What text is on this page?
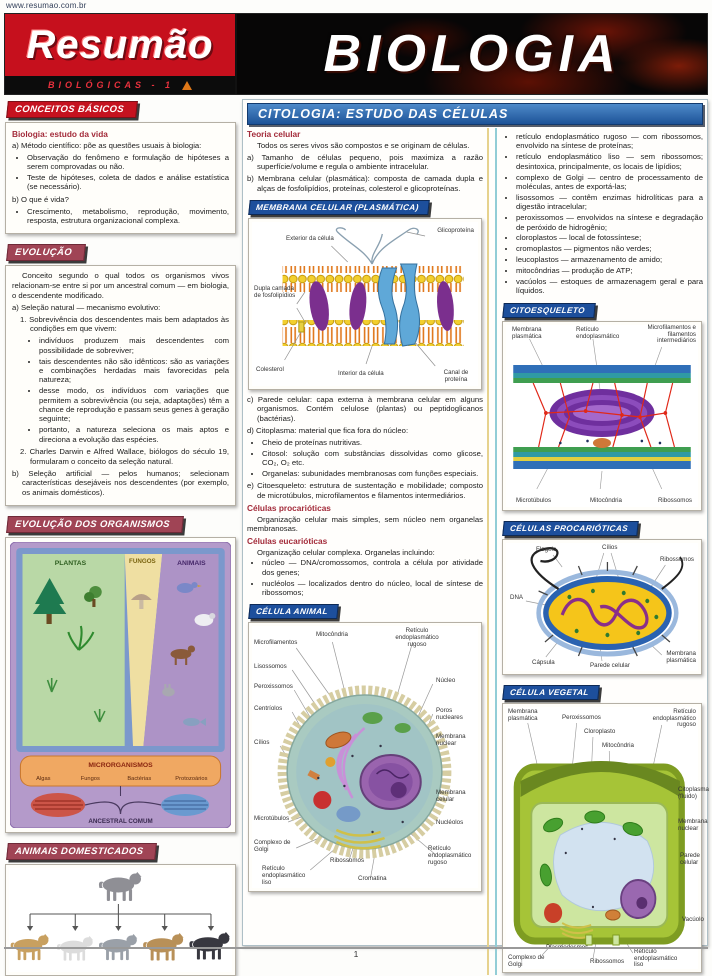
www.resumao.com.br
Resumão
BIOLÓGICAS - 1
BIOLOGIA
CONCEITOS BÁSICOS

Biologia: estudo da vida

a) Método científico: põe as questões usuais à biologia:

• Observação do fenômeno e formulação de hipóteses a serem comprovadas ou não.
• Teste de hipóteses, coleta de dados e análise estatística (se necessário).

b) O que é vida?

• Crescimento, metabolismo, reprodução, movimento, resposta, estrutura organizacional complexa.
EVOLUÇÃO

Conceito segundo o qual todos os organismos vivos relacionam-se entre si por um ancestral comum — em biologia, o descendente modificado.

a) Seleção natural — mecanismo evolutivo:

1. Sobrevivência dos descendentes mais bem adaptados às condições em que vivem:

• indivíduos produzem mais descendentes com possibilidade de sobreviver;
• tais descendentes não são idênticos: são as variações e combinações herdadas mais favorecidas pela natureza;
• desse modo, os indivíduos com variações que permitem a sobrevivência (ou seja, adaptações) têm a chance de reprodução e passam seus genes à geração seguinte;
• portanto, a natureza seleciona os mais aptos e direciona a evolução das espécies.

2. Charles Darwin e Alfred Wallace, biólogos do século 19, formularam o conceito da seleção natural.

b) Seleção artificial — pelos humanos; selecionam características desejáveis nos descendentes (por exemplo, os animais domésticos).

EVOLUÇÃO DOS ORGANISMOS
PLANTAS	FUNGOS	ANIMAIS
MICRORGANISMOS
Algas	Fungos	Bactérias	Protozoários
ANCESTRAL COMUM
ANIMAIS DOMESTICADOS
CITOLOGIA: ESTUDO DAS CÉLULAS

Teoria celular

Todos os seres vivos são compostos e se originam de células.

a) Tamanho de células pequeno, pois maximiza a razão superfície/volume e regula o ambiente intracelular.

b) Membrana celular (plasmática): composta de camada dupla e alças de fosfolipídios, proteínas, colesterol e glicoproteínas.

MEMBRANA CELULAR (PLASMÁTICA)
Exterior da célula
Glicoproteína
Dupla camada de fosfolipídios
Colesterol
Interior da célula	Canal de proteína

c) Parede celular: capa externa à membrana celular em alguns organismos. Contém celulose (plantas) ou peptidoglicanos (bactérias).

d) Citoplasma: material que fica fora do núcleo:

• Cheio de proteínas nutritivas.
• Citosol: solução com substâncias dissolvidas como glicose, CO₂, O₂ etc.
• Organelas: subunidades membranosas com funções especiais.

e) Citoesqueleto: estrutura de sustentação e mobilidade; composto de microtúbulos, microfilamentos e filamentos intermediários.

Células procarióticas

Organização celular mais simples, sem núcleo nem organelas membranosas.

Células eucarióticas

Organização celular complexa. Organelas incluindo:

• núcleo — DNA/cromossomos, controla a célula por atividade dos genes;
• nucléolos — localizados dentro do núcleo, local de síntese de ribossomos;
CÉLULA ANIMAL
Microfilamentos
Lisossomos
Peroxissomos
Centríolos
Cílios
Mitocôndria
Retículo endoplasmático rugoso
Núcleo
Poros nucleares
Membrana nuclear
Membrana celular
Nucléolos
Retículo endoplasmático rugoso
Microtúbulos
Complexo de Golgi
Retículo endoplasmático liso
Ribossomos
Cromatina
• retículo endoplasmático rugoso — com ribossomos, envolvido na síntese de proteínas;
• retículo endoplasmático liso — sem ribossomos; desintoxica, principalmente, os locais de lipídios;
• complexo de Golgi — centro de processamento de moléculas, antes de exportá-las;
• lisossomos — contêm enzimas hidrolíticas para a digestão intracelular;
• peroxissomos — envolvidos na síntese e degradação de peróxido de hidrogênio;
• cloroplastos — local de fotossíntese;
• cromoplastos — pigmentos não verdes;
• leucoplastos — armazenamento de amido;
• mitocôndrias — produção de ATP;
• vacúolos — estoques de armazenagem geral e para líquidos.
CITOESQUELETO
Membrana plasmática
Retículo endoplasmático
Microfilamentos e filamentos intermediários
Microtúbulos	Mitocôndria	Ribossomos
CÉLULAS PROCARIÓTICAS
Flagelo	Cílios
Ribossomos
DNA
Cápsula	Parede celular
Membrana plasmática
CÉLULA VEGETAL
Membrana plasmática	Peroxissomos
Cloroplasto
Mitocôndria
Retículo endoplasmático rugoso
Citoplasma (fluido)
Membrana nuclear
Parede celular
Vacúolo
Plasmodesmos
Complexo de Golgi	Ribossomos
Retículo endoplasmático liso
1
